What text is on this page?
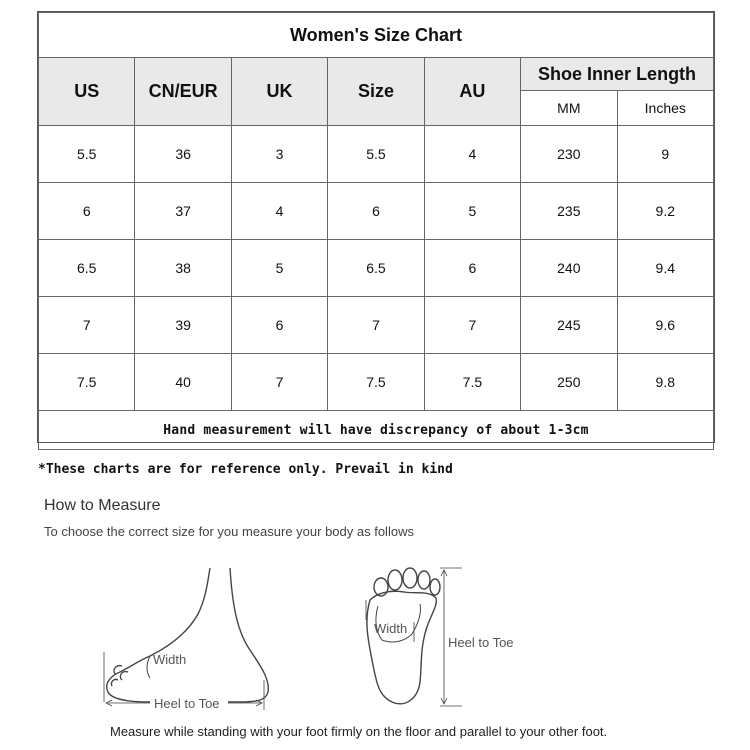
Women's Size Chart						
US	CN/EUR	UK	Size	AU	Shoe Inner Length	
					MM	Inches
5.5	36	3	5.5	4	230	9
6	37	4	6	5	235	9.2
6.5	38	5	6.5	6	240	9.4
7	39	6	7	7	245	9.6
7.5	40	7	7.5	7.5	250	9.8
Hand measurement will have discrepancy of about 1-3cm						
*These charts are for reference only. Prevail in kind
How to Measure
To choose the correct size for you measure your body as follows
Width
Heel to Toe
Width
Heel to Toe
Measure while standing with your foot firmly on the floor and parallel to your other foot.
